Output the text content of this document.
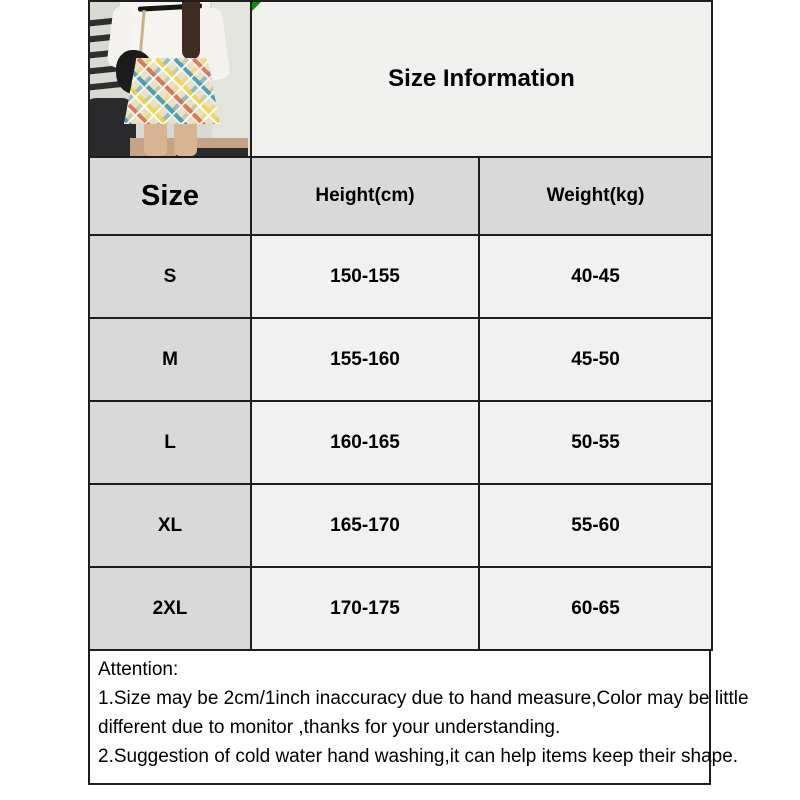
Size Information	
Size	Height(cm)	Weight(kg)
S	150-155	40-45
M	155-160	45-50
L	160-165	50-55
XL	165-170	55-60
2XL	170-175	60-65
Attention:
1.Size may be 2cm/1inch inaccuracy due to hand measure,Color may be little
different due to monitor ,thanks for your understanding.
2.Suggestion of cold water hand washing,it can help items keep their shape.
